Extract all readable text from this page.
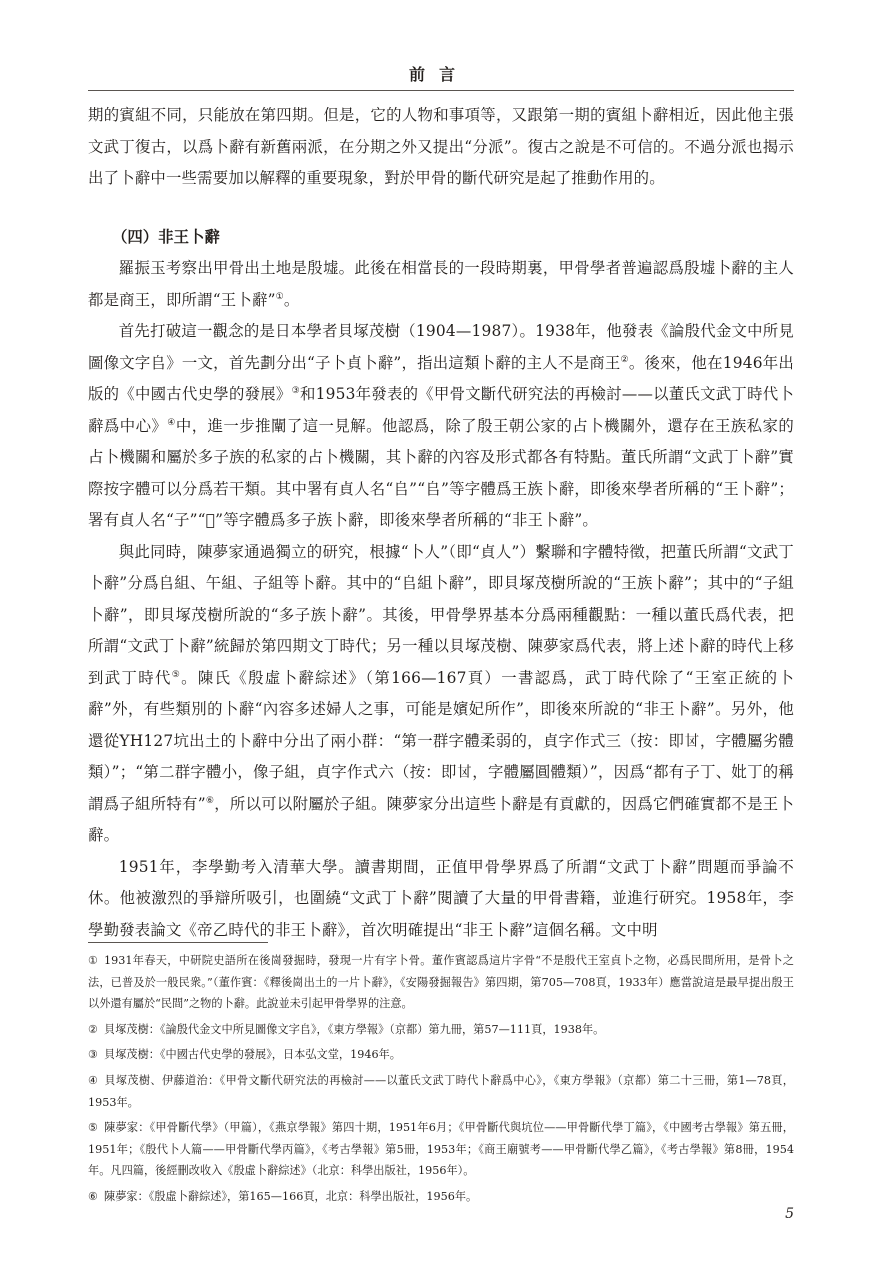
前言

期的賓組不同，只能放在第四期。但是，它的人物和事項等，又跟第一期的賓組卜辭相近，因此他主張文武丁復古，以爲卜辭有新舊兩派，在分期之外又提出“分派”。復古之說是不可信的。不過分派也揭示出了卜辭中一些需要加以解釋的重要現象，對於甲骨的斷代研究是起了推動作用的。

（四）非王卜辭

羅振玉考察出甲骨出土地是殷墟。此後在相當長的一段時期裏，甲骨學者普遍認爲殷墟卜辭的主人都是商王，即所謂“王卜辭”①。

首先打破這一觀念的是日本學者貝塚茂樹（1904—1987）。1938年，他發表《論殷代金文中所見圖像文字𠂤》一文，首先劃分出“子卜貞卜辭”，指出這類卜辭的主人不是商王②。後來，他在1946年出版的《中國古代史學的發展》③和1953年發表的《甲骨文斷代研究法的再檢討——以董氏文武丁時代卜辭爲中心》④中，進一步推闡了這一見解。他認爲，除了殷王朝公家的占卜機關外，還存在王族私家的占卜機關和屬於多子族的私家的占卜機關，其卜辭的內容及形式都各有特點。董氏所謂“文武丁卜辭”實際按字體可以分爲若干類。其中署有貞人名“𠂤”“𠂤”等字體爲王族卜辭，即後來學者所稱的“王卜辭”；署有貞人名“子”“𠫑”等字體爲多子族卜辭，即後來學者所稱的“非王卜辭”。

與此同時，陳夢家通過獨立的研究，根據“卜人”（即“貞人”）繫聯和字體特徵，把董氏所謂“文武丁卜辭”分爲𠂤組、午組、子組等卜辭。其中的“𠂤組卜辭”，即貝塚茂樹所說的“王族卜辭”；其中的“子組卜辭”，即貝塚茂樹所說的“多子族卜辭”。其後，甲骨學界基本分爲兩種觀點：一種以董氏爲代表，把所謂“文武丁卜辭”統歸於第四期文丁時代；另一種以貝塚茂樹、陳夢家爲代表，將上述卜辭的時代上移到武丁時代⑤。陳氏《殷虛卜辭綜述》（第166—167頁）一書認爲，武丁時代除了“王室正統的卜辭”外，有些類別的卜辭“內容多述婦人之事，可能是嬪妃所作”，即後來所說的“非王卜辭”。另外，他還從YH127坑出土的卜辭中分出了兩小群：“第一群字體柔弱的，貞字作式三（按：即𠀠，字體屬劣體類）”；“第二群字體小，像子組，貞字作式六（按：即𠀠，字體屬圓體類）”，因爲“都有子丁、妣丁的稱謂爲子組所特有”⑥，所以可以附屬於子組。陳夢家分出這些卜辭是有貢獻的，因爲它們確實都不是王卜辭。

1951年，李學勤考入清華大學。讀書期間，正值甲骨學界爲了所謂“文武丁卜辭”問題而爭論不休。他被激烈的爭辯所吸引，也圍繞“文武丁卜辭”閱讀了大量的甲骨書籍，並進行研究。1958年，李學勤發表論文《帝乙時代的非王卜辭》，首次明確提出“非王卜辭”這個名稱。文中明

① 1931年春天，中研院史語所在後崗發掘時，發現一片有字卜骨。董作賓認爲這片字骨“不是殷代王室貞卜之物，必爲民間所用，是骨卜之法，已普及於一般民衆。”（董作賓：《釋後崗出土的一片卜辭》，《安陽發掘報告》第四期，第705—708頁，1933年）應當說這是最早提出殷王以外還有屬於“民間”之物的卜辭。此說並未引起甲骨學界的注意。

② 貝塚茂樹：《論殷代金文中所見圖像文字𠂤》，《東方學報》（京都）第九冊，第57—111頁，1938年。

③ 貝塚茂樹：《中國古代史學的發展》，日本弘文堂，1946年。

④ 貝塚茂樹、伊藤道治：《甲骨文斷代研究法的再檢討——以董氏文武丁時代卜辭爲中心》，《東方學報》（京都）第二十三冊，第1—78頁，1953年。

⑤ 陳夢家：《甲骨斷代學》（甲篇），《燕京學報》第四十期，1951年6月；《甲骨斷代與坑位——甲骨斷代學丁篇》，《中國考古學報》第五冊，1951年；《殷代卜人篇——甲骨斷代學丙篇》，《考古學報》第5冊，1953年；《商王廟號考——甲骨斷代學乙篇》，《考古學報》第8冊，1954年。凡四篇，後經刪改收入《殷虛卜辭綜述》（北京：科學出版社，1956年）。

⑥ 陳夢家：《殷虛卜辭綜述》，第165—166頁，北京：科學出版社，1956年。

5
